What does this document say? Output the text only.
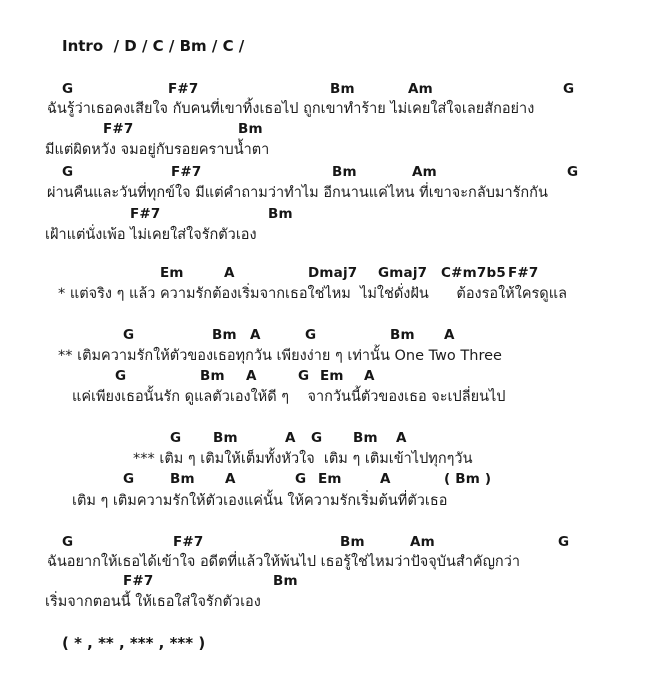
Intro  / D / C / Bm / C /
G	F#7	Bm	Am	G
ฉันรู้ว่าเธอคงเสียใจ กับคนที่เขาทิ้งเธอไป ถูกเขาทำร้าย ไม่เคยใส่ใจเลยสักอย่าง
F#7	Bm
มีแต่ผิดหวัง จมอยู่กับรอยคราบน้ำตา
G	F#7	Bm	Am	G
ผ่านคืนและวันที่ทุกข์ใจ มีแต่คำถามว่าทำไม อีกนานแค่ไหน ที่เขาจะกลับมารักกัน
F#7	Bm
เฝ้าแต่นั่งเพ้อ ไม่เคยใส่ใจรักตัวเอง
Em	A	Dmaj7 Gmaj7 C#m7b5 F#7
* แต่จริง ๆ แล้ว ความรักต้องเริ่มจากเธอใช่ไหม  ไม่ใช่ดั่งฝัน      ต้องรอให้ใครดูแล
G	Bm A	G	Bm A
** เติมความรักให้ตัวของเธอทุกวัน เพียงง่าย ๆ เท่านั้น One Two Three
G	Bm A	G Em A
แค่เพียงเธอนั้นรัก ดูแลตัวเองให้ดี ๆ    จากวันนี้ตัวของเธอ จะเปลี่ยนไป
G Bm	A G Bm A
*** เติม ๆ เติมให้เต็มทั้งหัวใจ  เติม ๆ เติมเข้าไปทุกๆวัน
G	Bm A	G Em	A	( Bm )
เติม ๆ เติมความรักให้ตัวเองแค่นั้น ให้ความรักเริ่มต้นที่ตัวเธอ
G	F#7	Bm	Am	G
ฉันอยากให้เธอได้เข้าใจ อดีตที่แล้วให้พ้นไป เธอรู้ใช่ไหมว่าปัจจุบันสำคัญกว่า
F#7	Bm
เริ่มจากตอนนี้ ให้เธอใส่ใจรักตัวเอง
( * , ** , *** , *** )
